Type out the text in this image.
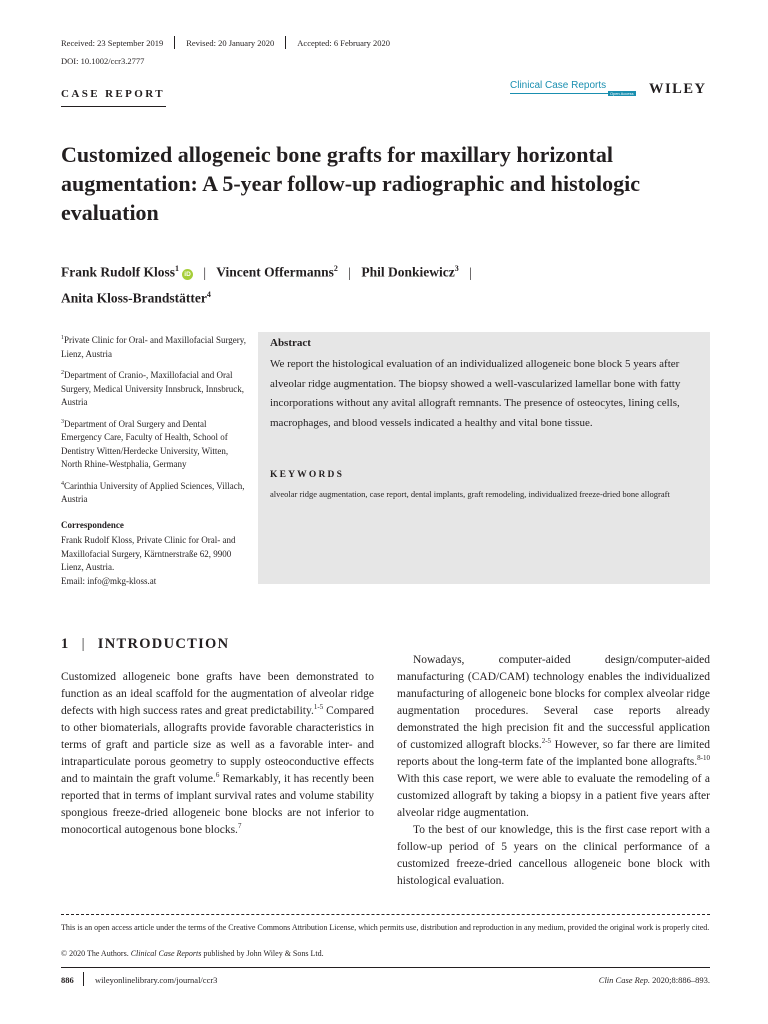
Received: 23 September 2019	Revised: 20 January 2020	Accepted: 6 February 2020
DOI: 10.1002/ccr3.2777
CASE REPORT
Clinical Case Reports
Open Access WILEY
Customized allogeneic bone grafts for maxillary horizontal augmentation: A 5-year follow-up radiographic and histologic evaluation
Frank Rudolf Kloss$^1$iD | Vincent Offermanns$^2$ | Phil Donkiewicz$^3$ |
Anita Kloss-Brandstätter$^4$

$^1$Private Clinic for Oral- and Maxillofacial Surgery, Lienz, Austria

$^2$Department of Cranio-, Maxillofacial and Oral Surgery, Medical University Innsbruck, Innsbruck, Austria

$^3$Department of Oral Surgery and Dental Emergency Care, Faculty of Health, School of Dentistry Witten/Herdecke University, Witten, North Rhine-Westphalia, Germany

$^4$Carinthia University of Applied Sciences, Villach, Austria

Correspondence

Frank Rudolf Kloss, Private Clinic for Oral- and Maxillofacial Surgery, Kärntnerstraße 62, 9900 Lienz, Austria.

Email: info@mkg-kloss.at

Abstract
We report the histological evaluation of an individualized allogeneic bone block 5 years after alveolar ridge augmentation. The biopsy showed a well-vascularized lamellar bone with fatty incorporations without any avital allograft remnants. The presence of osteocytes, lining cells, macrophages, and blood vessels indicated a healthy and vital bone tissue.
KEYWORDS
alveolar ridge augmentation, case report, dental implants, graft remodeling, individualized freeze-dried bone allograft
1 | INTRODUCTION

Customized allogeneic bone grafts have been demonstrated to function as an ideal scaffold for the augmentation of alveolar ridge defects with high success rates and great predictability.$^{1-5}$ Compared to other biomaterials, allografts provide favorable characteristics in terms of graft and particle size as well as a favorable inter- and intraparticulate porous geometry to supply osteoconductive effects and to maintain the graft volume.$^6$ Remarkably, it has recently been reported that in terms of implant survival rates and volume stability spongious freeze-dried allogeneic bone blocks are not inferior to monocortical autogenous bone blocks.$^7$

Nowadays, computer-aided design/computer-aided manufacturing (CAD/CAM) technology enables the individualized manufacturing of allogeneic bone blocks for complex alveolar ridge augmentation procedures. Several case reports already demonstrated the high precision fit and the successful application of customized allograft blocks.$^{2-5}$ However, so far there are limited reports about the long-term fate of the implanted bone allografts.$^{8-10}$ With this case report, we were able to evaluate the remodeling of a customized allograft by taking a biopsy in a patient five years after alveolar ridge augmentation.

To the best of our knowledge, this is the first case report with a follow-up period of 5 years on the clinical performance of a customized freeze-dried cancellous allogeneic bone block with histological evaluation.

This is an open access article under the terms of the Creative Commons Attribution License, which permits use, distribution and reproduction in any medium, provided the original work is properly cited.
© 2020 The Authors. Clinical Case Reports published by John Wiley & Sons Ltd.
886	wileyonlinelibrary.com/journal/ccr3	Clin Case Rep. 2020;8:886–893.
